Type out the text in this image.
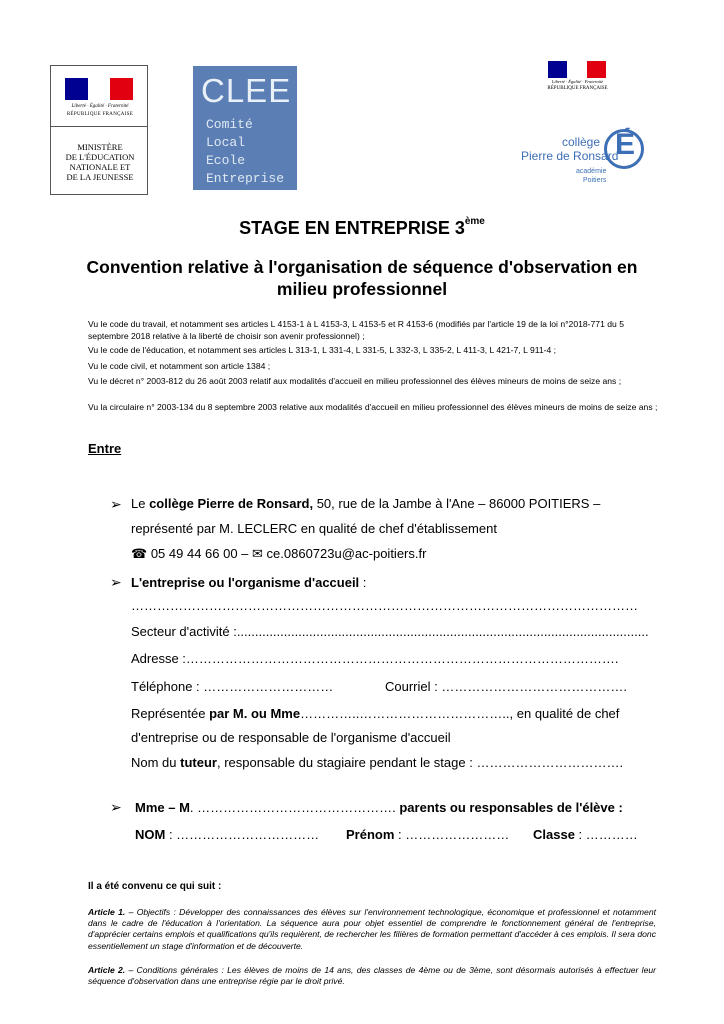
Liberté · Égalité · Fraternité
RÉPUBLIQUE FRANÇAISE
MINISTÈRE
DE L'ÉDUCATION
NATIONALE ET
DE LA JEUNESSE
CLEE
Comité
Local
Ecole
Entreprise
Liberté · Égalité · Fraternité
RÉPUBLIQUE FRANÇAISE
collège
Pierre de Ronsard
académie
Poitiers
É
STAGE EN ENTREPRISE 3ème
Convention relative à l'organisation de séquence d'observation en milieu professionnel
Vu le code du travail, et notamment ses articles L 4153-1 à L 4153-3, L 4153-5 et R 4153-6 (modifiés par l'article 19 de la loi n°2018-771 du 5 septembre 2018 relative à la liberté de choisir son avenir professionnel) ;
Vu le code de l'éducation, et notamment ses articles L 313-1, L 331-4, L 331-5, L 332-3, L 335-2, L 411-3, L 421-7, L 911-4 ;
Vu le code civil, et notamment son article 1384 ;
Vu le décret n° 2003-812 du 26 août 2003 relatif aux modalités d'accueil en milieu professionnel des élèves mineurs de moins de seize ans ;
Vu la circulaire n° 2003-134 du 8 septembre 2003 relative aux modalités d'accueil en milieu professionnel des élèves mineurs de moins de seize ans ;
Entre
➢ Le collège Pierre de Ronsard, 50, rue de la Jambe à l'Ane – 86000 POITIERS –
représenté par M. LECLERC en qualité de chef d'établissement
☎ 05 49 44 66 00 – ✉ ce.0860723u@ac-poitiers.fr
➢ L'entreprise ou l'organisme d'accueil :
………………………………………………………………………………………………………
Secteur d'activité :..................................................................................................................
Adresse :……………………………………………………………………………………….
Téléphone : …………………………	Courriel : …………………………………….
Représentée par M. ou Mme…………..…………………………….., en qualité de chef
d'entreprise ou de responsable de l'organisme d'accueil
Nom du tuteur, responsable du stagiaire pendant le stage : …………………………….
➢ Mme – M. ………………………………………. parents ou responsables de l'élève :
NOM : …………………………… Prénom : …………………… Classe : …………
Il a été convenu ce qui suit :
Article 1. – Objectifs : Développer des connaissances des élèves sur l'environnement technologique, économique et professionnel et notamment dans le cadre de l'éducation à l'orientation. La séquence aura pour objet essentiel de comprendre le fonctionnement général de l'entreprise, d'apprécier certains emplois et qualifications qu'ils requièrent, de rechercher les filières de formation permettant d'accéder à ces emplois. Il sera donc essentiellement un stage d'information et de découverte.
Article 2. – Conditions générales : Les élèves de moins de 14 ans, des classes de 4ème ou de 3ème, sont désormais autorisés à effectuer leur séquence d'observation dans une entreprise régie par le droit privé.
